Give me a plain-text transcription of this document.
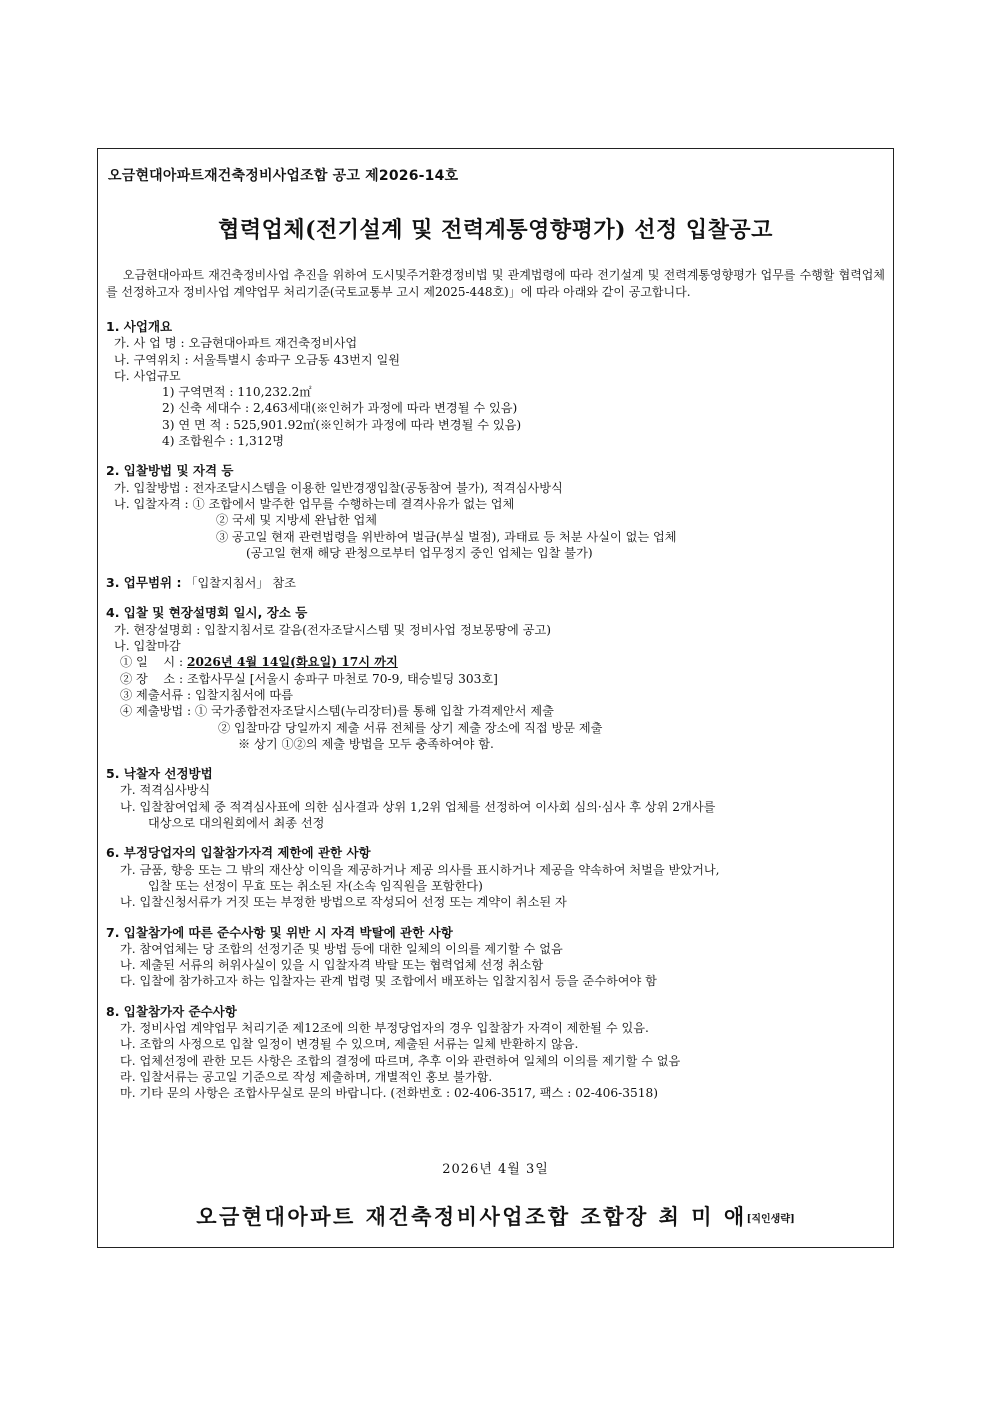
오금현대아파트재건축정비사업조합 공고 제2026-14호
협력업체(전기설계 및 전력계통영향평가) 선정 입찰공고
오금현대아파트 재건축정비사업 추진을 위하여 도시및주거환경정비법 및 관계법령에 따라 전기설계 및 전력계통영향평가 업무를 수행할 협력업체를 선정하고자 정비사업 계약업무 처리기준(국토교통부 고시 제2025-448호)」에 따라 아래와 같이 공고합니다.
1. 사업개요
가. 사 업 명 : 오금현대아파트 재건축정비사업
나. 구역위치 : 서울특별시 송파구 오금동 43번지 일원
다. 사업규모
1) 구역면적 : 110,232.2㎡
2) 신축 세대수 : 2,463세대(※인허가 과정에 따라 변경될 수 있음)
3) 연 면 적 : 525,901.92㎡(※인허가 과정에 따라 변경될 수 있음)
4) 조합원수 : 1,312명
2. 입찰방법 및 자격 등
가. 입찰방법 : 전자조달시스템을 이용한 일반경쟁입찰(공동참여 불가), 적격심사방식
나. 입찰자격 : ① 조합에서 발주한 업무를 수행하는데 결격사유가 없는 업체
② 국세 및 지방세 완납한 업체
③ 공고일 현재 관련법령을 위반하여 벌금(부실 벌점), 과태료 등 처분 사실이 없는 업체
(공고일 현재 해당 관청으로부터 업무정지 중인 업체는 입찰 불가)
3. 업무범위 : 「입찰지침서」 참조
4. 입찰 및 현장설명회 일시, 장소 등
가. 현장설명회 : 입찰지침서로 갈음(전자조달시스템 및 정비사업 정보몽땅에 공고)
나. 입찰마감
① 일    시 : 2026년 4월 14일(화요일) 17시 까지
② 장    소 : 조합사무실 [서울시 송파구 마천로 70-9, 태승빌딩 303호]
③ 제출서류 : 입찰지침서에 따름
④ 제출방법 : ① 국가종합전자조달시스템(누리장터)를 통해 입찰 가격제안서 제출
② 입찰마감 당일까지 제출 서류 전체를 상기 제출 장소에 직접 방문 제출
※ 상기 ①②의 제출 방법을 모두 충족하여야 함.
5. 낙찰자 선정방법
가. 적격심사방식
나. 입찰참여업체 중 적격심사표에 의한 심사결과 상위 1,2위 업체를 선정하여 이사회 심의·심사 후 상위 2개사를
대상으로 대의원회에서 최종 선정
6. 부정당업자의 입찰참가자격 제한에 관한 사항
가. 금품, 향응 또는 그 밖의 재산상 이익을 제공하거나 제공 의사를 표시하거나 제공을 약속하여 처벌을 받았거나,
입찰 또는 선정이 무효 또는 취소된 자(소속 임직원을 포함한다)
나. 입찰신청서류가 거짓 또는 부정한 방법으로 작성되어 선정 또는 계약이 취소된 자
7. 입찰참가에 따른 준수사항 및 위반 시 자격 박탈에 관한 사항
가. 참여업체는 당 조합의 선정기준 및 방법 등에 대한 일체의 이의를 제기할 수 없음
나. 제출된 서류의 허위사실이 있을 시 입찰자격 박탈 또는 협력업체 선정 취소함
다. 입찰에 참가하고자 하는 입찰자는 관계 법령 및 조합에서 배포하는 입찰지침서 등을 준수하여야 함
8. 입찰참가자 준수사항
가. 정비사업 계약업무 처리기준 제12조에 의한 부정당업자의 경우 입찰참가 자격이 제한될 수 있음.
나. 조합의 사정으로 입찰 일정이 변경될 수 있으며, 제출된 서류는 일체 반환하지 않음.
다. 업체선정에 관한 모든 사항은 조합의 결정에 따르며, 추후 이와 관련하여 일체의 이의를 제기할 수 없음
라. 입찰서류는 공고일 기준으로 작성 제출하며, 개별적인 홍보 불가함.
마. 기타 문의 사항은 조합사무실로 문의 바랍니다. (전화번호 : 02-406-3517, 팩스 : 02-406-3518)
2026년 4월 3일
오금현대아파트 재건축정비사업조합 조합장 최 미 애[직인생략]
